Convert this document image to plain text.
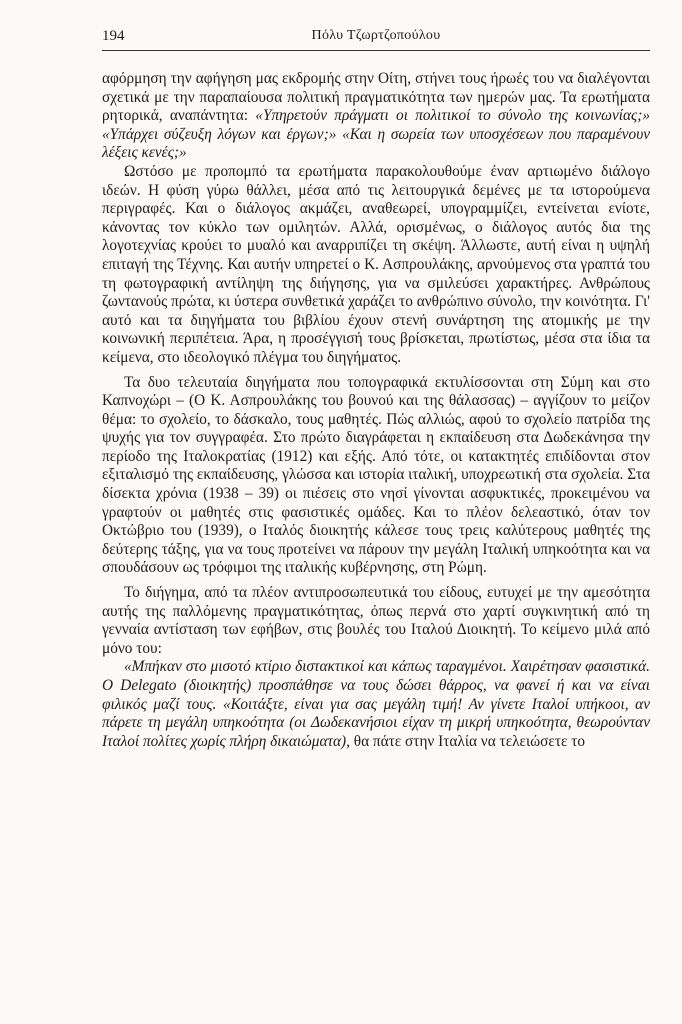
194	Πόλυ Τζωρτζοπούλου

αφόρμηση την αφήγηση μας εκδρομής στην Οίτη, στήνει τους ήρωές του να διαλέγονται σχετικά με την παραπαίουσα πολιτική πραγματικότητα των ημερών μας. Τα ερωτήματα ρητορικά, αναπάντητα: «Υπηρετούν πράγματι οι πολιτικοί το σύνολο της κοινωνίας;» «Υπάρχει σύζευξη λόγων και έργων;» «Και η σωρεία των υποσχέσεων που παραμένουν λέξεις κενές;»

Ωστόσο με προπομπό τα ερωτήματα παρακολουθούμε έναν αρτιωμένο διάλογο ιδεών. Η φύση γύρω θάλλει, μέσα από τις λειτουργικά δεμένες με τα ιστορούμενα περιγραφές. Και ο διάλογος ακμάζει, αναθεωρεί, υπογραμμίζει, εντείνεται ενίοτε, κάνοντας τον κύκλο των ομιλητών. Αλλά, ορισμένως, ο διάλογος αυτός δια της λογοτεχνίας κρούει το μυαλό και αναρριπίζει τη σκέψη. Άλλωστε, αυτή είναι η υψηλή επιταγή της Τέχνης. Και αυτήν υπηρετεί ο Κ. Ασπρουλάκης, αρνούμενος στα γραπτά του τη φωτογραφική αντίληψη της διήγησης, για να σμιλεύσει χαρακτήρες. Ανθρώπους ζωντανούς πρώτα, κι ύστερα συνθετικά χαράζει το ανθρώπινο σύνολο, την κοινότητα. Γι' αυτό και τα διηγήματα του βιβλίου έχουν στενή συνάρτηση της ατομικής με την κοινωνική περιπέτεια. Άρα, η προσέγγισή τους βρίσκεται, πρωτίστως, μέσα στα ίδια τα κείμενα, στο ιδεολογικό πλέγμα του διηγήματος.

Τα δυο τελευταία διηγήματα που τοπογραφικά εκτυλίσσονται στη Σύμη και στο Καπνοχώρι – (Ο Κ. Ασπρουλάκης του βουνού και της θάλασσας) – αγγίζουν το μείζον θέμα: το σχολείο, το δάσκαλο, τους μαθητές. Πώς αλλιώς, αφού το σχολείο πατρίδα της ψυχής για τον συγγραφέα. Στο πρώτο διαγράφεται η εκπαίδευση στα Δωδεκάνησα την περίοδο της Ιταλοκρατίας (1912) και εξής. Από τότε, οι κατακτητές επιδίδονται στον εξιταλισμό της εκπαίδευσης, γλώσσα και ιστορία ιταλική, υποχρεωτική στα σχολεία. Στα δίσεκτα χρόνια (1938 – 39) οι πιέσεις στο νησί γίνονται ασφυκτικές, προκειμένου να γραφτούν οι μαθητές στις φασιστικές ομάδες. Και το πλέον δελεαστικό, όταν τον Οκτώβριο του (1939), ο Ιταλός διοικητής κάλεσε τους τρεις καλύτερους μαθητές της δεύτερης τάξης, για να τους προτείνει να πάρουν την μεγάλη Ιταλική υπηκοότητα και να σπουδάσουν ως τρόφιμοι της ιταλικής κυβέρνησης, στη Ρώμη.

Το διήγημα, από τα πλέον αντιπροσωπευτικά του είδους, ευτυχεί με την αμεσότητα αυτής της παλλόμενης πραγματικότητας, όπως περνά στο χαρτί συγκινητική από τη γενναία αντίσταση των εφήβων, στις βουλές του Ιταλού Διοικητή. Το κείμενο μιλά από μόνο του:

«Μπήκαν στο μισοτό κτίριο διστακτικοί και κάπως ταραγμένοι. Χαιρέτησαν φασιστικά. Ο Delegato (διοικητής) προσπάθησε να τους δώσει θάρρος, να φανεί ή και να είναι φιλικός μαζί τους. «Κοιτάξτε, είναι για σας μεγάλη τιμή! Αν γίνετε Ιταλοί υπήκοοι, αν πάρετε τη μεγάλη υπηκοότητα (οι Δωδεκανήσιοι είχαν τη μικρή υπηκοότητα, θεωρούνταν Ιταλοί πολίτες χωρίς πλήρη δικαιώματα), θα πάτε στην Ιταλία να τελειώσετε το
